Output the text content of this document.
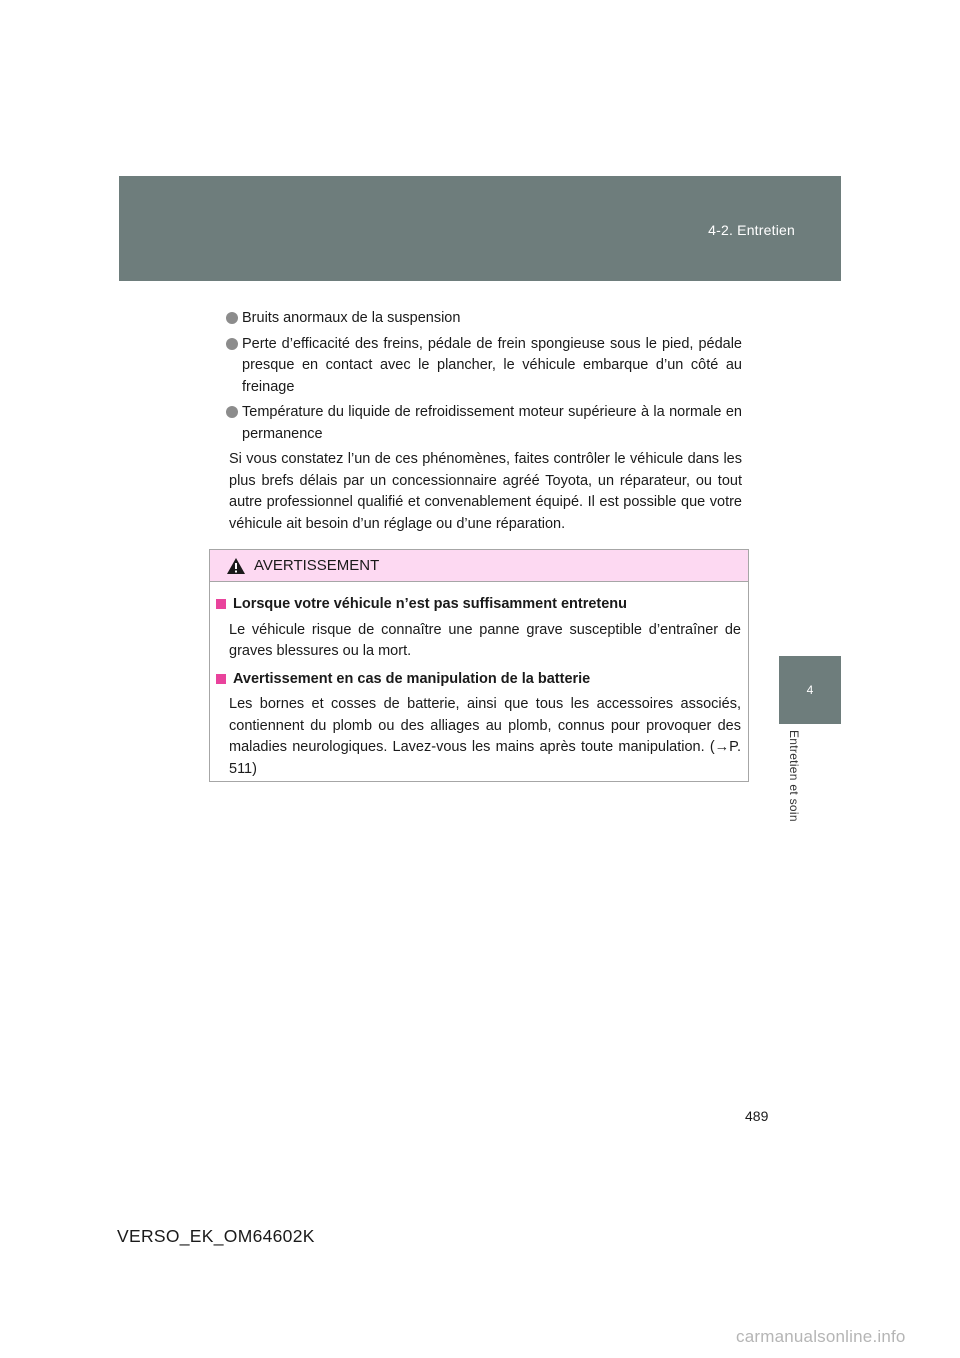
4-2. Entretien
4
Entretien et soin
Bruits anormaux de la suspension
Perte d’efficacité des freins, pédale de frein spongieuse sous le pied, pédale presque en contact avec le plancher, le véhicule embarque d’un côté au freinage
Température du liquide de refroidissement moteur supérieure à la normale en permanence
Si vous constatez l’un de ces phénomènes, faites contrôler le véhicule dans les plus brefs délais par un concessionnaire agréé Toyota, un réparateur, ou tout autre professionnel qualifié et convenablement équipé. Il est possible que votre véhicule ait besoin d’un réglage ou d’une réparation.
AVERTISSEMENT
Lorsque votre véhicule n’est pas suffisamment entretenu
Le véhicule risque de connaître une panne grave susceptible d’entraîner de graves blessures ou la mort.
Avertissement en cas de manipulation de la batterie
Les bornes et cosses de batterie, ainsi que tous les accessoires associés, contiennent du plomb ou des alliages au plomb, connus pour provoquer des maladies neurologiques. Lavez-vous les mains après toute manipulation. (→P. 511)
489
VERSO_EK_OM64602K
carmanualsonline.info
